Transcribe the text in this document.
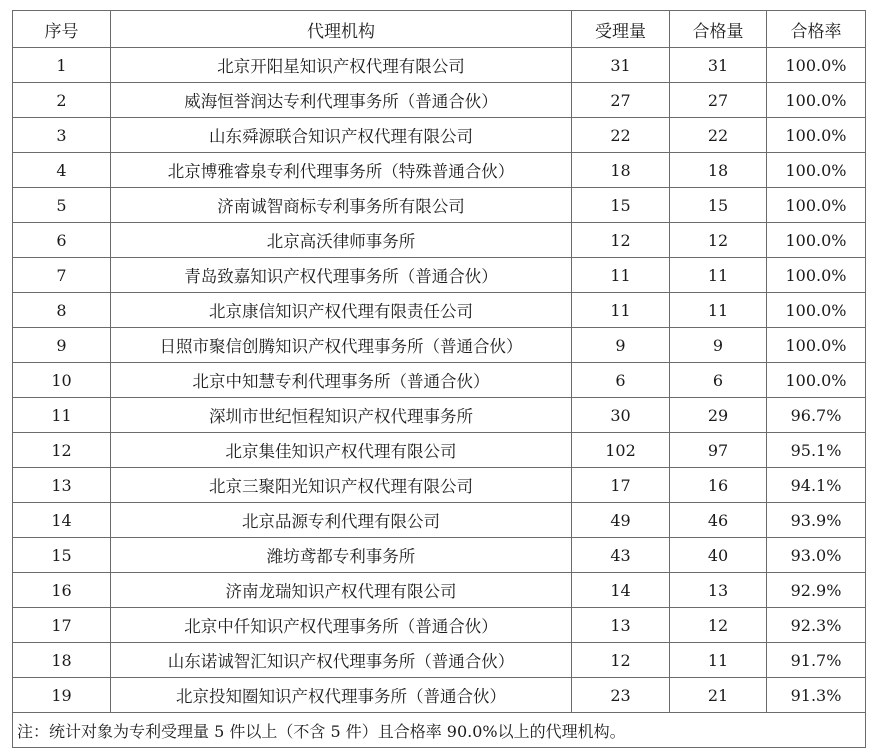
序号	代理机构	受理量	合格量	合格率
1	北京开阳星知识产权代理有限公司	31	31	100.0%
2	威海恒誉润达专利代理事务所（普通合伙）	27	27	100.0%
3	山东舜源联合知识产权代理有限公司	22	22	100.0%
4	北京博雅睿泉专利代理事务所（特殊普通合伙）	18	18	100.0%
5	济南诚智商标专利事务所有限公司	15	15	100.0%
6	北京高沃律师事务所	12	12	100.0%
7	青岛致嘉知识产权代理事务所（普通合伙）	11	11	100.0%
8	北京康信知识产权代理有限责任公司	11	11	100.0%
9	日照市聚信创腾知识产权代理事务所（普通合伙）	9	9	100.0%
10	北京中知慧专利代理事务所（普通合伙）	6	6	100.0%
11	深圳市世纪恒程知识产权代理事务所	30	29	96.7%
12	北京集佳知识产权代理有限公司	102	97	95.1%
13	北京三聚阳光知识产权代理有限公司	17	16	94.1%
14	北京品源专利代理有限公司	49	46	93.9%
15	潍坊鸢都专利事务所	43	40	93.0%
16	济南龙瑞知识产权代理有限公司	14	13	92.9%
17	北京中仟知识产权代理事务所（普通合伙）	13	12	92.3%
18	山东诺诚智汇知识产权代理事务所（普通合伙）	12	11	91.7%
19	北京投知圈知识产权代理事务所（普通合伙）	23	21	91.3%
注：统计对象为专利受理量 5 件以上（不含 5 件）且合格率 90.0%以上的代理机构。				
